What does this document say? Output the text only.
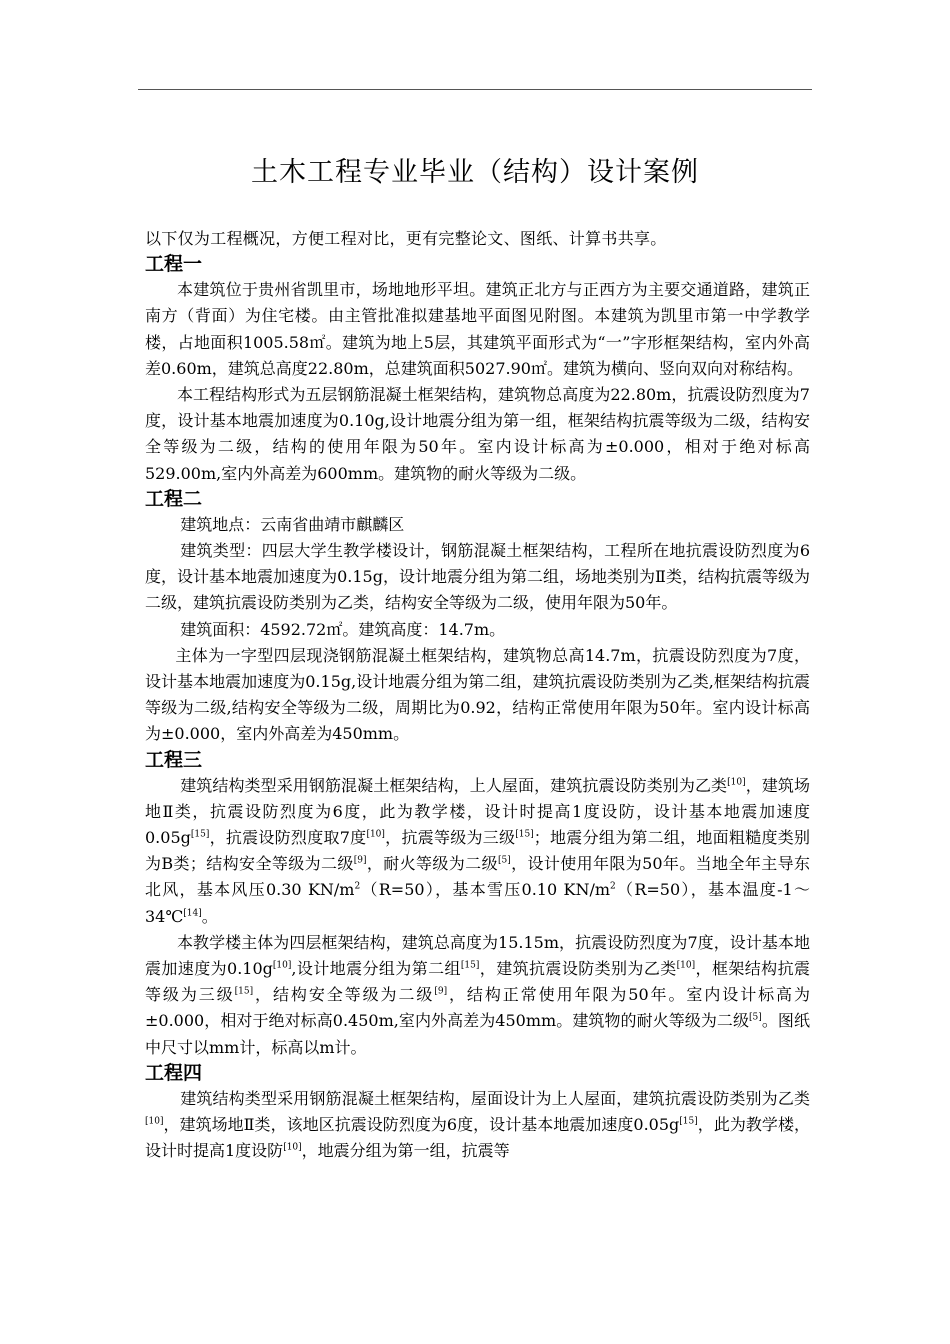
土木工程专业毕业（结构）设计案例

以下仅为工程概况，方便工程对比，更有完整论文、图纸、计算书共享。

工程一

本建筑位于贵州省凯里市，场地地形平坦。建筑正北方与正西方为主要交通道路，建筑正南方（背面）为住宅楼。由主管批准拟建基地平面图见附图。本建筑为凯里市第一中学教学楼，占地面积1005.58㎡。建筑为地上5层，其建筑平面形式为“一”字形框架结构，室内外高差0.60m，建筑总高度22.80m，总建筑面积5027.90㎡。建筑为横向、竖向双向对称结构。

本工程结构形式为五层钢筋混凝土框架结构，建筑物总高度为22.80m，抗震设防烈度为7度，设计基本地震加速度为0.10g,设计地震分组为第一组，框架结构抗震等级为二级，结构安全等级为二级，结构的使用年限为50年。室内设计标高为±0.000，相对于绝对标高529.00m,室内外高差为600mm。建筑物的耐火等级为二级。

工程二

建筑地点：云南省曲靖市麒麟区

建筑类型：四层大学生教学楼设计，钢筋混凝土框架结构，工程所在地抗震设防烈度为6度，设计基本地震加速度为0.15g，设计地震分组为第二组，场地类别为Ⅱ类，结构抗震等级为二级，建筑抗震设防类别为乙类，结构安全等级为二级，使用年限为50年。

建筑面积：4592.72㎡。建筑高度：14.7m。

主体为一字型四层现浇钢筋混凝土框架结构，建筑物总高14.7m，抗震设防烈度为7度，设计基本地震加速度为0.15g,设计地震分组为第二组，建筑抗震设防类别为乙类,框架结构抗震等级为二级,结构安全等级为二级，周期比为0.92，结构正常使用年限为50年。室内设计标高为±0.000，室内外高差为450mm。

工程三

建筑结构类型采用钢筋混凝土框架结构，上人屋面，建筑抗震设防类别为乙类[10]，建筑场地Ⅱ类，抗震设防烈度为6度，此为教学楼，设计时提高1度设防，设计基本地震加速度0.05g[15]，抗震设防烈度取7度[10]，抗震等级为三级[15]；地震分组为第二组，地面粗糙度类别为B类；结构安全等级为二级[9]，耐火等级为二级[5]，设计使用年限为50年。当地全年主导东北风，基本风压0.30 $KN/m^2(R=50)$，基本雪压0.10 $KN/m^2(R=50)$，基本温度-1～ 34℃[14]。

本教学楼主体为四层框架结构，建筑总高度为15.15m，抗震设防烈度为7度，设计基本地震加速度为0.10g[10],设计地震分组为第二组[15]，建筑抗震设防类别为乙类[10]，框架结构抗震等级为三级[15]，结构安全等级为二级[9]，结构正常使用年限为50年。室内设计标高为±0.000，相对于绝对标高0.450m,室内外高差为450mm。建筑物的耐火等级为二级[5]。图纸中尺寸以mm计，标高以m计。

工程四

建筑结构类型采用钢筋混凝土框架结构，屋面设计为上人屋面，建筑抗震设防类别为乙类[10]，建筑场地Ⅱ类，该地区抗震设防烈度为6度，设计基本地震加速度0.05g[15]，此为教学楼，设计时提高1度设防[10]，地震分组为第一组，抗震等
